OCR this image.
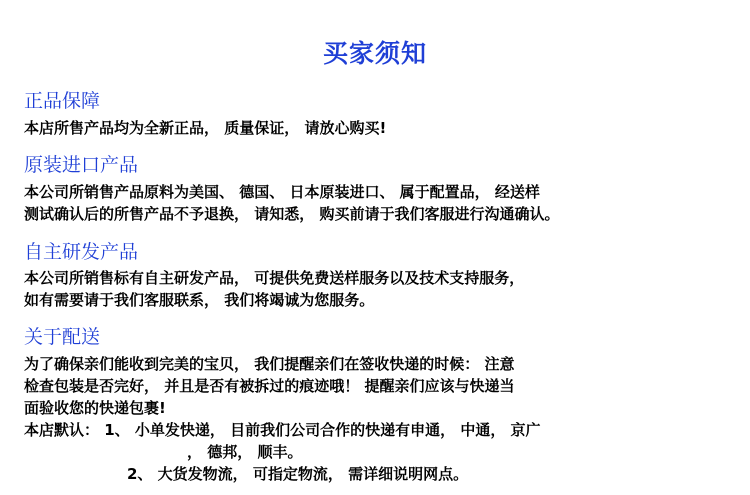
买家须知
正品保障
本店所售产品均为全新正品， 质量保证， 请放心购买!
原装进口产品
本公司所销售产品原料为美国、 德国、 日本原装进口、 属于配置品， 经送样
测试确认后的所售产品不予退换， 请知悉， 购买前请于我们客服进行沟通确认。
自主研发产品
本公司所销售标有自主研发产品， 可提供免费送样服务以及技术支持服务，
如有需要请于我们客服联系， 我们将竭诚为您服务。
关于配送
为了确保亲们能收到完美的宝贝， 我们提醒亲们在签收快递的时候： 注意
检查包装是否完好， 并且是否有被拆过的痕迹哦！ 提醒亲们应该与快递当
面验收您的快递包裹!
本店默认： 1、 小单发快递， 目前我们公司合作的快递有申通， 中通， 京广
， 德邦， 顺丰。
2、 大货发物流， 可指定物流， 需详细说明网点。
